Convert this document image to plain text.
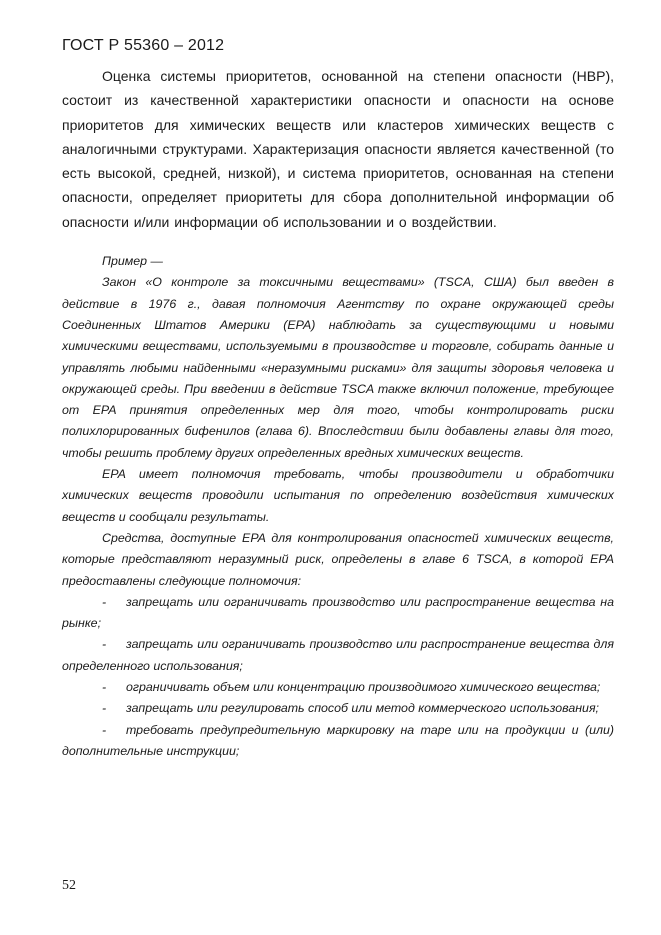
ГОСТ Р 55360 – 2012

Оценка системы приоритетов, основанной на степени опасности (НВР), состоит из качественной характеристики опасности и опасности на основе приоритетов для химических веществ или кластеров химических веществ с аналогичными структурами. Характеризация опасности является качественной (то есть высокой, средней, низкой), и система приоритетов, основанная на степени опасности, определяет приоритеты для сбора дополнительной информации об опасности и/или информации об использовании и о воздействии.

Пример —

Закон «О контроле за токсичными веществами» (TSCA, США) был введен в действие в 1976 г., давая полномочия Агентству по охране окружающей среды Соединенных Штатов Америки (EPA) наблюдать за существующими и новыми химическими веществами, используемыми в производстве и торговле, собирать данные и управлять любыми найденными «неразумными рисками» для защиты здоровья человека и окружающей среды. При введении в действие TSCA также включил положение, требующее от EPA принятия определенных мер для того, чтобы контролировать риски полихлорированных бифенилов (глава 6). Впоследствии были добавлены главы для того, чтобы решить проблему других определенных вредных химических веществ.

EPA имеет полномочия требовать, чтобы производители и обработчики химических веществ проводили испытания по определению воздействия химических веществ и сообщали результаты.

Средства, доступные EPA для контролирования опасностей химических веществ, которые представляют неразумный риск, определены в главе 6 TSCA, в которой EPA предоставлены следующие полномочия:

- запрещать или ограничивать производство или распространение вещества на рынке;

- запрещать или ограничивать производство или распространение вещества для определенного использования;

- ограничивать объем или концентрацию производимого химического вещества;

- запрещать или регулировать способ или метод коммерческого использования;

- требовать предупредительную маркировку на таре или на продукции и (или) дополнительные инструкции;

52
